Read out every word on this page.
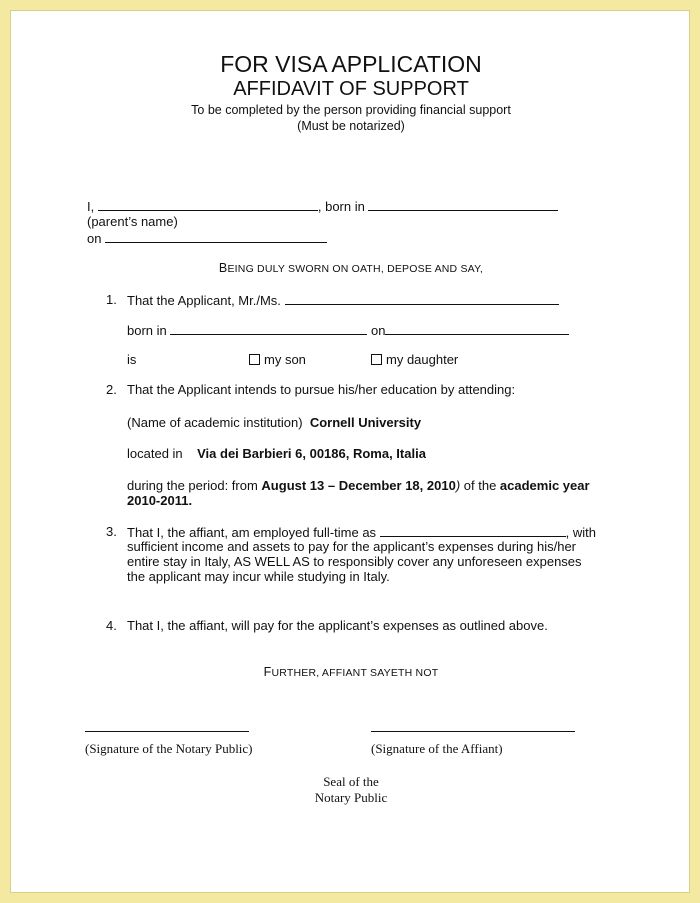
FOR VISA APPLICATION
AFFIDAVIT OF SUPPORT
To be completed by the person providing financial support
(Must be notarized)
I,	, born in
(parent’s name)
on
BEING DULY SWORN ON OATH, DEPOSE AND SAY,
1. That the Applicant, Mr./Ms.
born in	on
is	my son	my daughter
2. That the Applicant intends to pursue his/her education by attending:
(Name of academic institution) Cornell University
located in Via dei Barbieri 6, 00186, Roma, Italia
during the period: from August 13 – December 18, 2010) of the academic year
2010-2011.
3. That I, the affiant, am employed full-time as	, with
sufficient income and assets to pay for the applicant’s expenses during his/her
entire stay in Italy, AS WELL AS to responsibly cover any unforeseen expenses
the applicant may incur while studying in Italy.
4. That I, the affiant, will pay for the applicant’s expenses as outlined above.
FURTHER, AFFIANT SAYETH NOT
(Signature of the Notary Public)	(Signature of the Affiant)
Seal of the
Notary Public
